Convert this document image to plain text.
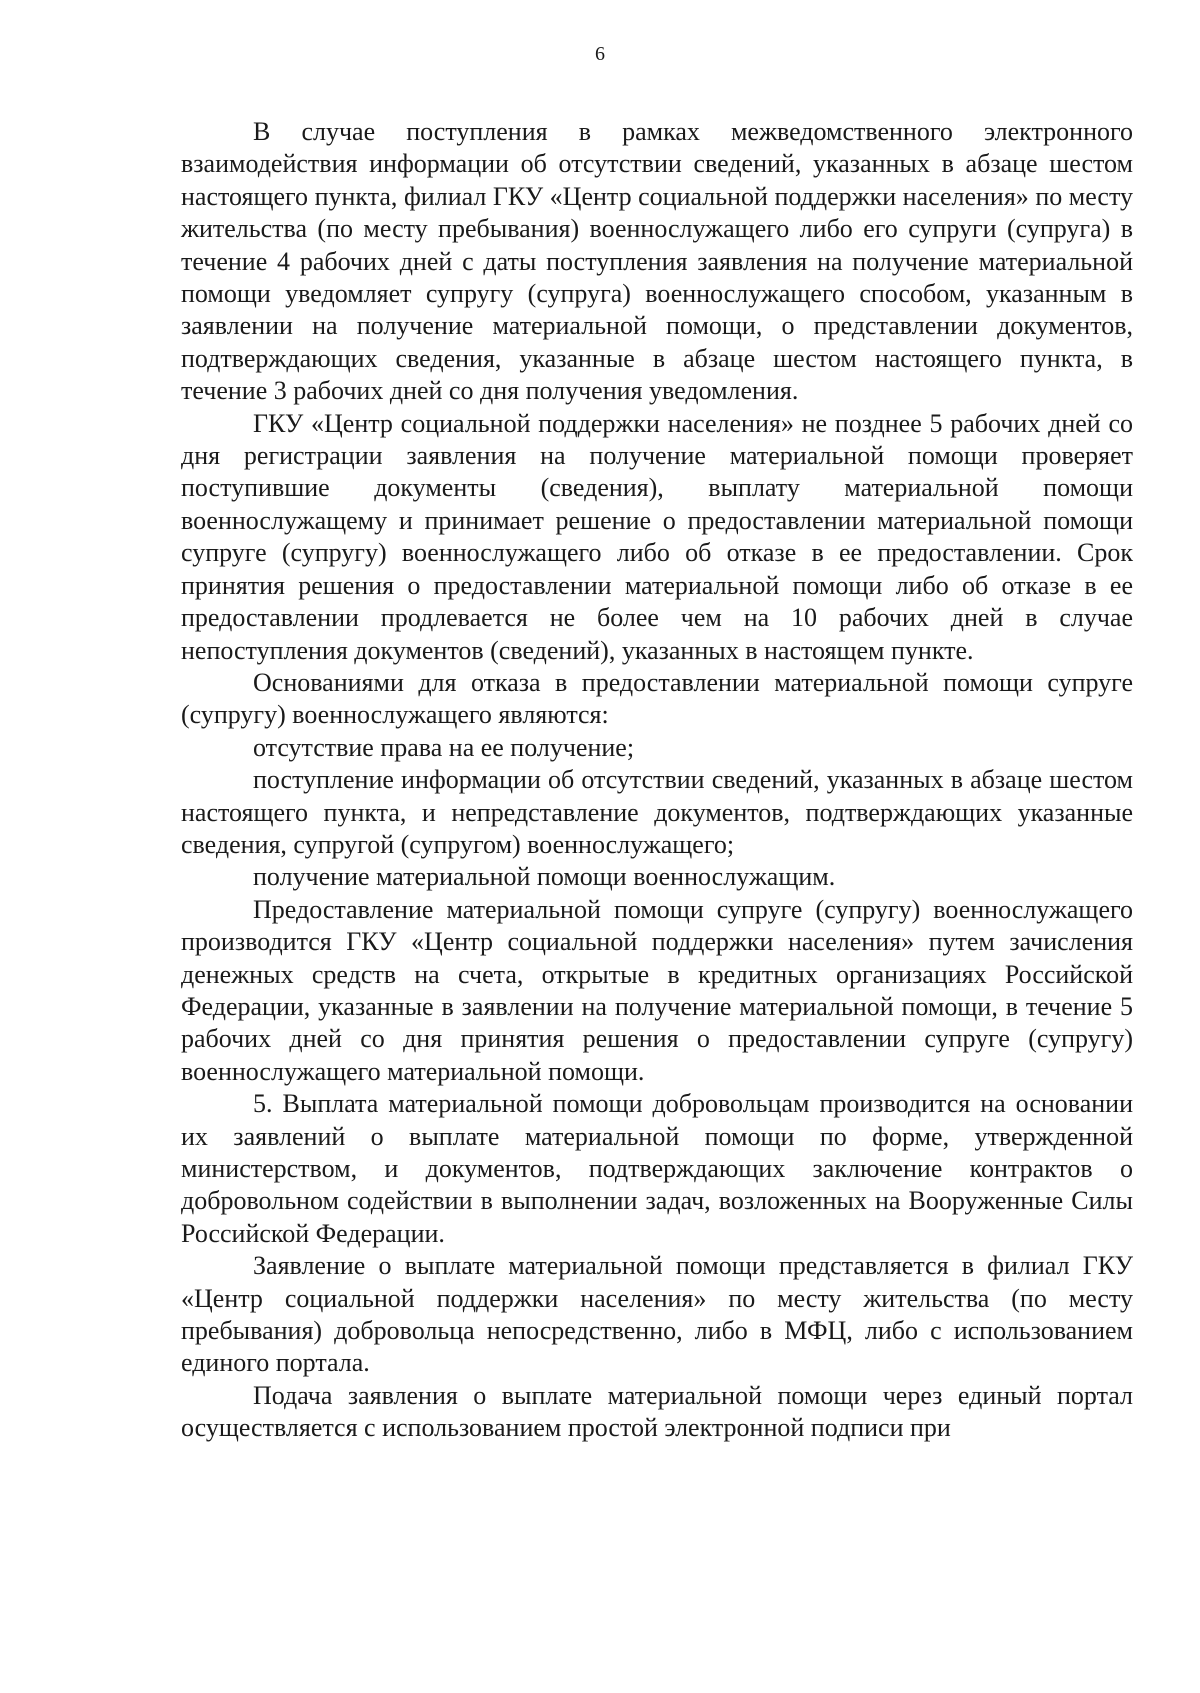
6

В случае поступления в рамках межведомственного электронного взаимодействия информации об отсутствии сведений, указанных в абзаце шестом настоящего пункта, филиал ГКУ «Центр социальной поддержки населения» по месту жительства (по месту пребывания) военнослужащего либо его супруги (супруга) в течение 4 рабочих дней с даты поступления заявления на получение материальной помощи уведомляет супругу (супруга) военнослужащего способом, указанным в заявлении на получение материальной помощи, о представлении документов, подтверждающих сведения, указанные в абзаце шестом настоящего пункта, в течение 3 рабочих дней со дня получения уведомления.

ГКУ «Центр социальной поддержки населения» не позднее 5 рабочих дней со дня регистрации заявления на получение материальной помощи проверяет поступившие документы (сведения), выплату материальной помощи военнослужащему и принимает решение о предоставлении материальной помощи супруге (супругу) военнослужащего либо об отказе в ее предоставлении. Срок принятия решения о предоставлении материальной помощи либо об отказе в ее предоставлении продлевается не более чем на 10 рабочих дней в случае непоступления документов (сведений), указанных в настоящем пункте.

Основаниями для отказа в предоставлении материальной помощи супруге (супругу) военнослужащего являются:

отсутствие права на ее получение;

поступление информации об отсутствии сведений, указанных в абзаце шестом настоящего пункта, и непредставление документов, подтверждающих указанные сведения, супругой (супругом) военнослужащего;

получение материальной помощи военнослужащим.

Предоставление материальной помощи супруге (супругу) военнослужащего производится ГКУ «Центр социальной поддержки населения» путем зачисления денежных средств на счета, открытые в кредитных организациях Российской Федерации, указанные в заявлении на получение материальной помощи, в течение 5 рабочих дней со дня принятия решения о предоставлении супруге (супругу) военнослужащего материальной помощи.

5. Выплата материальной помощи добровольцам производится на основании их заявлений о выплате материальной помощи по форме, утвержденной министерством, и документов, подтверждающих заключение контрактов о добровольном содействии в выполнении задач, возложенных на Вооруженные Силы Российской Федерации.

Заявление о выплате материальной помощи представляется в филиал ГКУ «Центр социальной поддержки населения» по месту жительства (по месту пребывания) добровольца непосредственно, либо в МФЦ, либо с использованием единого портала.

Подача заявления о выплате материальной помощи через единый портал осуществляется с использованием простой электронной подписи при
